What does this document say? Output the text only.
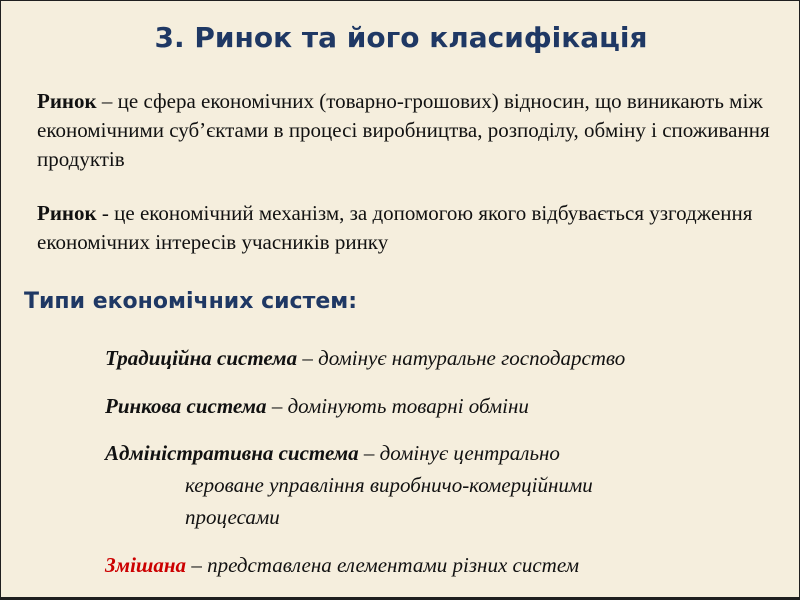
3. Ринок та його класифікація
Ринок – це сфера економічних (товарно-грошових) відносин, що виникають між економічними суб’єктами в процесі виробництва, розподілу, обміну і споживання продуктів
Ринок - це економічний механізм, за допомогою якого відбувається узгодження економічних інтересів учасників ринку
Типи економічних систем:
Традиційна система – домінує натуральне господарство
Ринкова система – домінують товарні обміни
Адміністративна система – домінує центрально
кероване управління виробничо-комерційними
процесами
Змішана – представлена елементами різних систем
